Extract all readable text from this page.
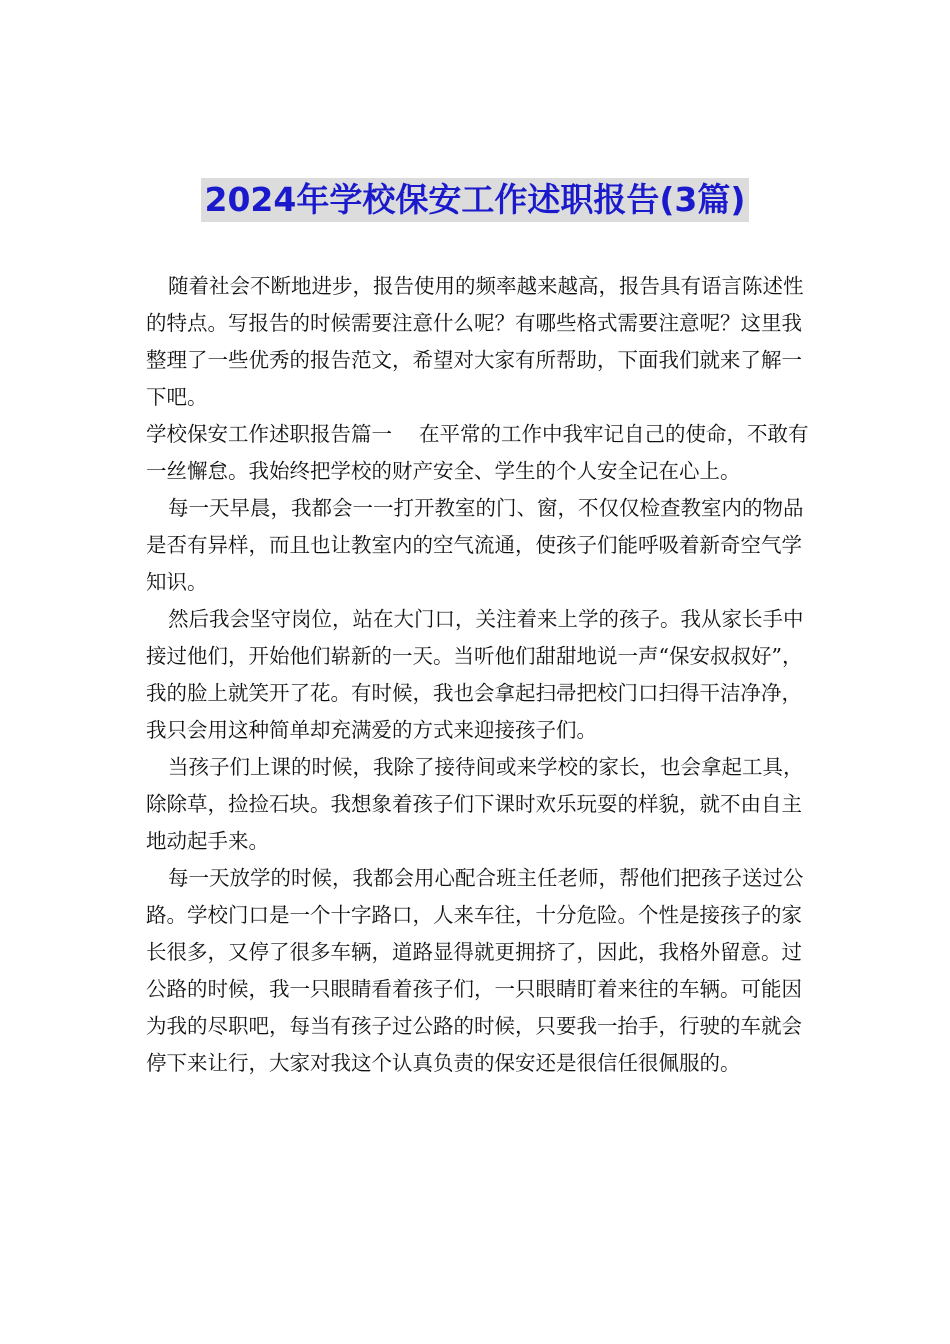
2024年学校保安工作述职报告(3篇)

随着社会不断地进步，报告使用的频率越来越高，报告具有语言陈述性的特点。写报告的时候需要注意什么呢？有哪些格式需要注意呢？这里我整理了一些优秀的报告范文，希望对大家有所帮助，下面我们就来了解一下吧。

学校保安工作述职报告篇一　 在平常的工作中我牢记自己的使命，不敢有一丝懈怠。我始终把学校的财产安全、学生的个人安全记在心上。

每一天早晨，我都会一一打开教室的门、窗，不仅仅检查教室内的物品是否有异样，而且也让教室内的空气流通，使孩子们能呼吸着新奇空气学知识。

然后我会坚守岗位，站在大门口，关注着来上学的孩子。我从家长手中接过他们，开始他们崭新的一天。当听他们甜甜地说一声“保安叔叔好”，我的脸上就笑开了花。有时候，我也会拿起扫帚把校门口扫得干洁净净，我只会用这种简单却充满爱的方式来迎接孩子们。

当孩子们上课的时候，我除了接待间或来学校的家长，也会拿起工具，除除草，捡捡石块。我想象着孩子们下课时欢乐玩耍的样貌，就不由自主地动起手来。

每一天放学的时候，我都会用心配合班主任老师，帮他们把孩子送过公路。学校门口是一个十字路口，人来车往，十分危险。个性是接孩子的家长很多，又停了很多车辆，道路显得就更拥挤了，因此，我格外留意。过公路的时候，我一只眼睛看着孩子们，一只眼睛盯着来往的车辆。可能因为我的尽职吧，每当有孩子过公路的时候，只要我一抬手，行驶的车就会停下来让行，大家对我这个认真负责的保安还是很信任很佩服的。
